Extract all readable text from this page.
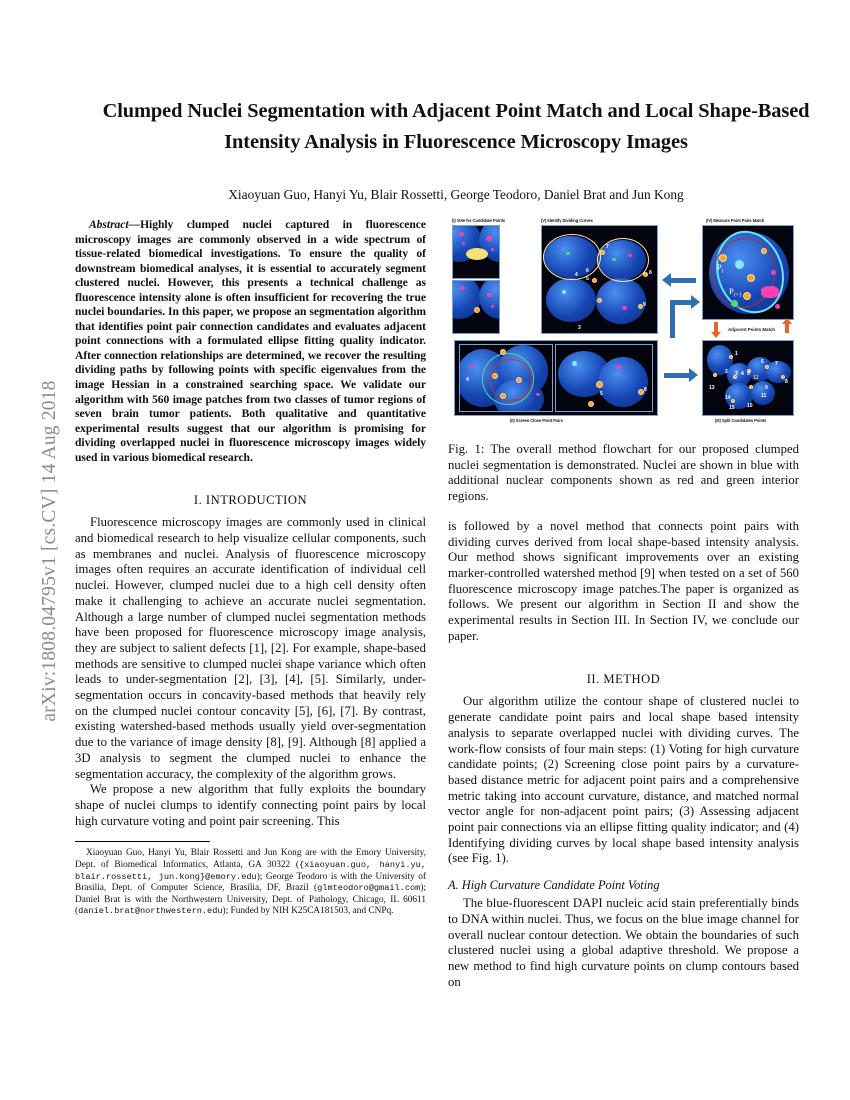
arXiv:1808.04795v1 [cs.CV] 14 Aug 2018
Clumped Nuclei Segmentation with Adjacent Point Match and Local Shape-Based Intensity Analysis in Fluorescence Microscopy Images
Xiaoyuan Guo, Hanyi Yu, Blair Rossetti, George Teodoro, Daniel Brat and Jun Kong

Abstract—Highly clumped nuclei captured in fluorescence microscopy images are commonly observed in a wide spectrum of tissue-related biomedical investigations. To ensure the quality of downstream biomedical analyses, it is essential to accurately segment clustered nuclei. However, this presents a technical challenge as fluorescence intensity alone is often insufficient for recovering the true nuclei boundaries. In this paper, we propose an segmentation algorithm that identifies point pair connection candidates and evaluates adjacent point connections with a formulated ellipse fitting quality indicator. After connection relationships are determined, we recover the resulting dividing paths by following points with specific eigenvalues from the image Hessian in a constrained searching space. We validate our algorithm with 560 image patches from two classes of tumor regions of seven brain tumor patients. Both qualitative and quantitative experimental results suggest that our algorithm is promising for dividing overlapped nuclei in fluorescence microscopy images widely used in various biomedical research.

I. INTRODUCTION

Fluorescence microscopy images are commonly used in clinical and biomedical research to help visualize cellular components, such as membranes and nuclei. Analysis of fluorescence microscopy images often requires an accurate identification of individual cell nuclei. However, clumped nuclei due to a high cell density often make it challenging to achieve an accurate nuclei segmentation. Although a large number of clumped nuclei segmentation methods have been proposed for fluorescence microscopy image analysis, they are subject to salient defects [1], [2]. For example, shape-based methods are sensitive to clumped nuclei shape variance which often leads to under-segmentation [2], [3], [4], [5]. Similarly, under-segmentation occurs in concavity-based methods that heavily rely on the clumped nuclei contour concavity [5], [6], [7]. By contrast, existing watershed-based methods usually yield over-segmentation due to the variance of image density [8], [9]. Although [8] applied a 3D analysis to segment the clumped nuclei to enhance the segmentation accuracy, the complexity of the algorithm grows.

We propose a new algorithm that fully exploits the boundary shape of nuclei clumps to identify connecting point pairs by local high curvature voting and point pair screening. This

Xiaoyuan Guo, Hanyi Yu, Blair Rossetti and Jun Kong are with the Emory University, Dept. of Biomedical Informatics, Atlanta, GA 30322 ({xiaoyuan.guo, hanyi.yu, blair.rossetti, jun.kong}@emory.edu); George Teodoro is with the University of Brasilia, Dept. of Computer Science, Brasília, DF, Brazil (glmteodoro@gmail.com); Daniel Brat is with the Northwestern University, Dept. of Pathology, Chicago, IL 60611 (daniel.brat@northwestern.edu); Funded by NIH K25CA181503, and CNPq.

(I) Vote for Candidate Points	(V) Identify Dividing Curves
7
6
5
4	8
9
3
(IV) Measure Point Pairs Match
$P_i$
$P_{i+1}$
Adjacent Points Match
4
5
8
(II) Screen Close Point Pairs
1
2 3 4 5
6 7
8
9
12
11
13
14
15 10
(III) Split Candidates Points

Fig. 1: The overall method flowchart for our proposed clumped nuclei segmentation is demonstrated. Nuclei are shown in blue with additional nuclear components shown as red and green interior regions.

is followed by a novel method that connects point pairs with dividing curves derived from local shape-based intensity analysis. Our method shows significant improvements over an existing marker-controlled watershed method [9] when tested on a set of 560 fluorescence microscopy image patches.The paper is organized as follows. We present our algorithm in Section II and show the experimental results in Section III. In Section IV, we conclude our paper.

II. METHOD

Our algorithm utilize the contour shape of clustered nuclei to generate candidate point pairs and local shape based intensity analysis to separate overlapped nuclei with dividing curves. The work-flow consists of four main steps: (1) Voting for high curvature candidate points; (2) Screening close point pairs by a curvature-based distance metric for adjacent point pairs and a comprehensive metric taking into account curvature, distance, and matched normal vector angle for non-adjacent point pairs; (3) Assessing adjacent point pair connections via an ellipse fitting quality indicator; and (4) Identifying dividing curves by local shape based intensity analysis (see Fig. 1).

A. High Curvature Candidate Point Voting

The blue-fluorescent DAPI nucleic acid stain preferentially binds to DNA within nuclei. Thus, we focus on the blue image channel for overall nuclear contour detection. We obtain the boundaries of such clustered nuclei using a global adaptive threshold. We propose a new method to find high curvature points on clump contours based on
